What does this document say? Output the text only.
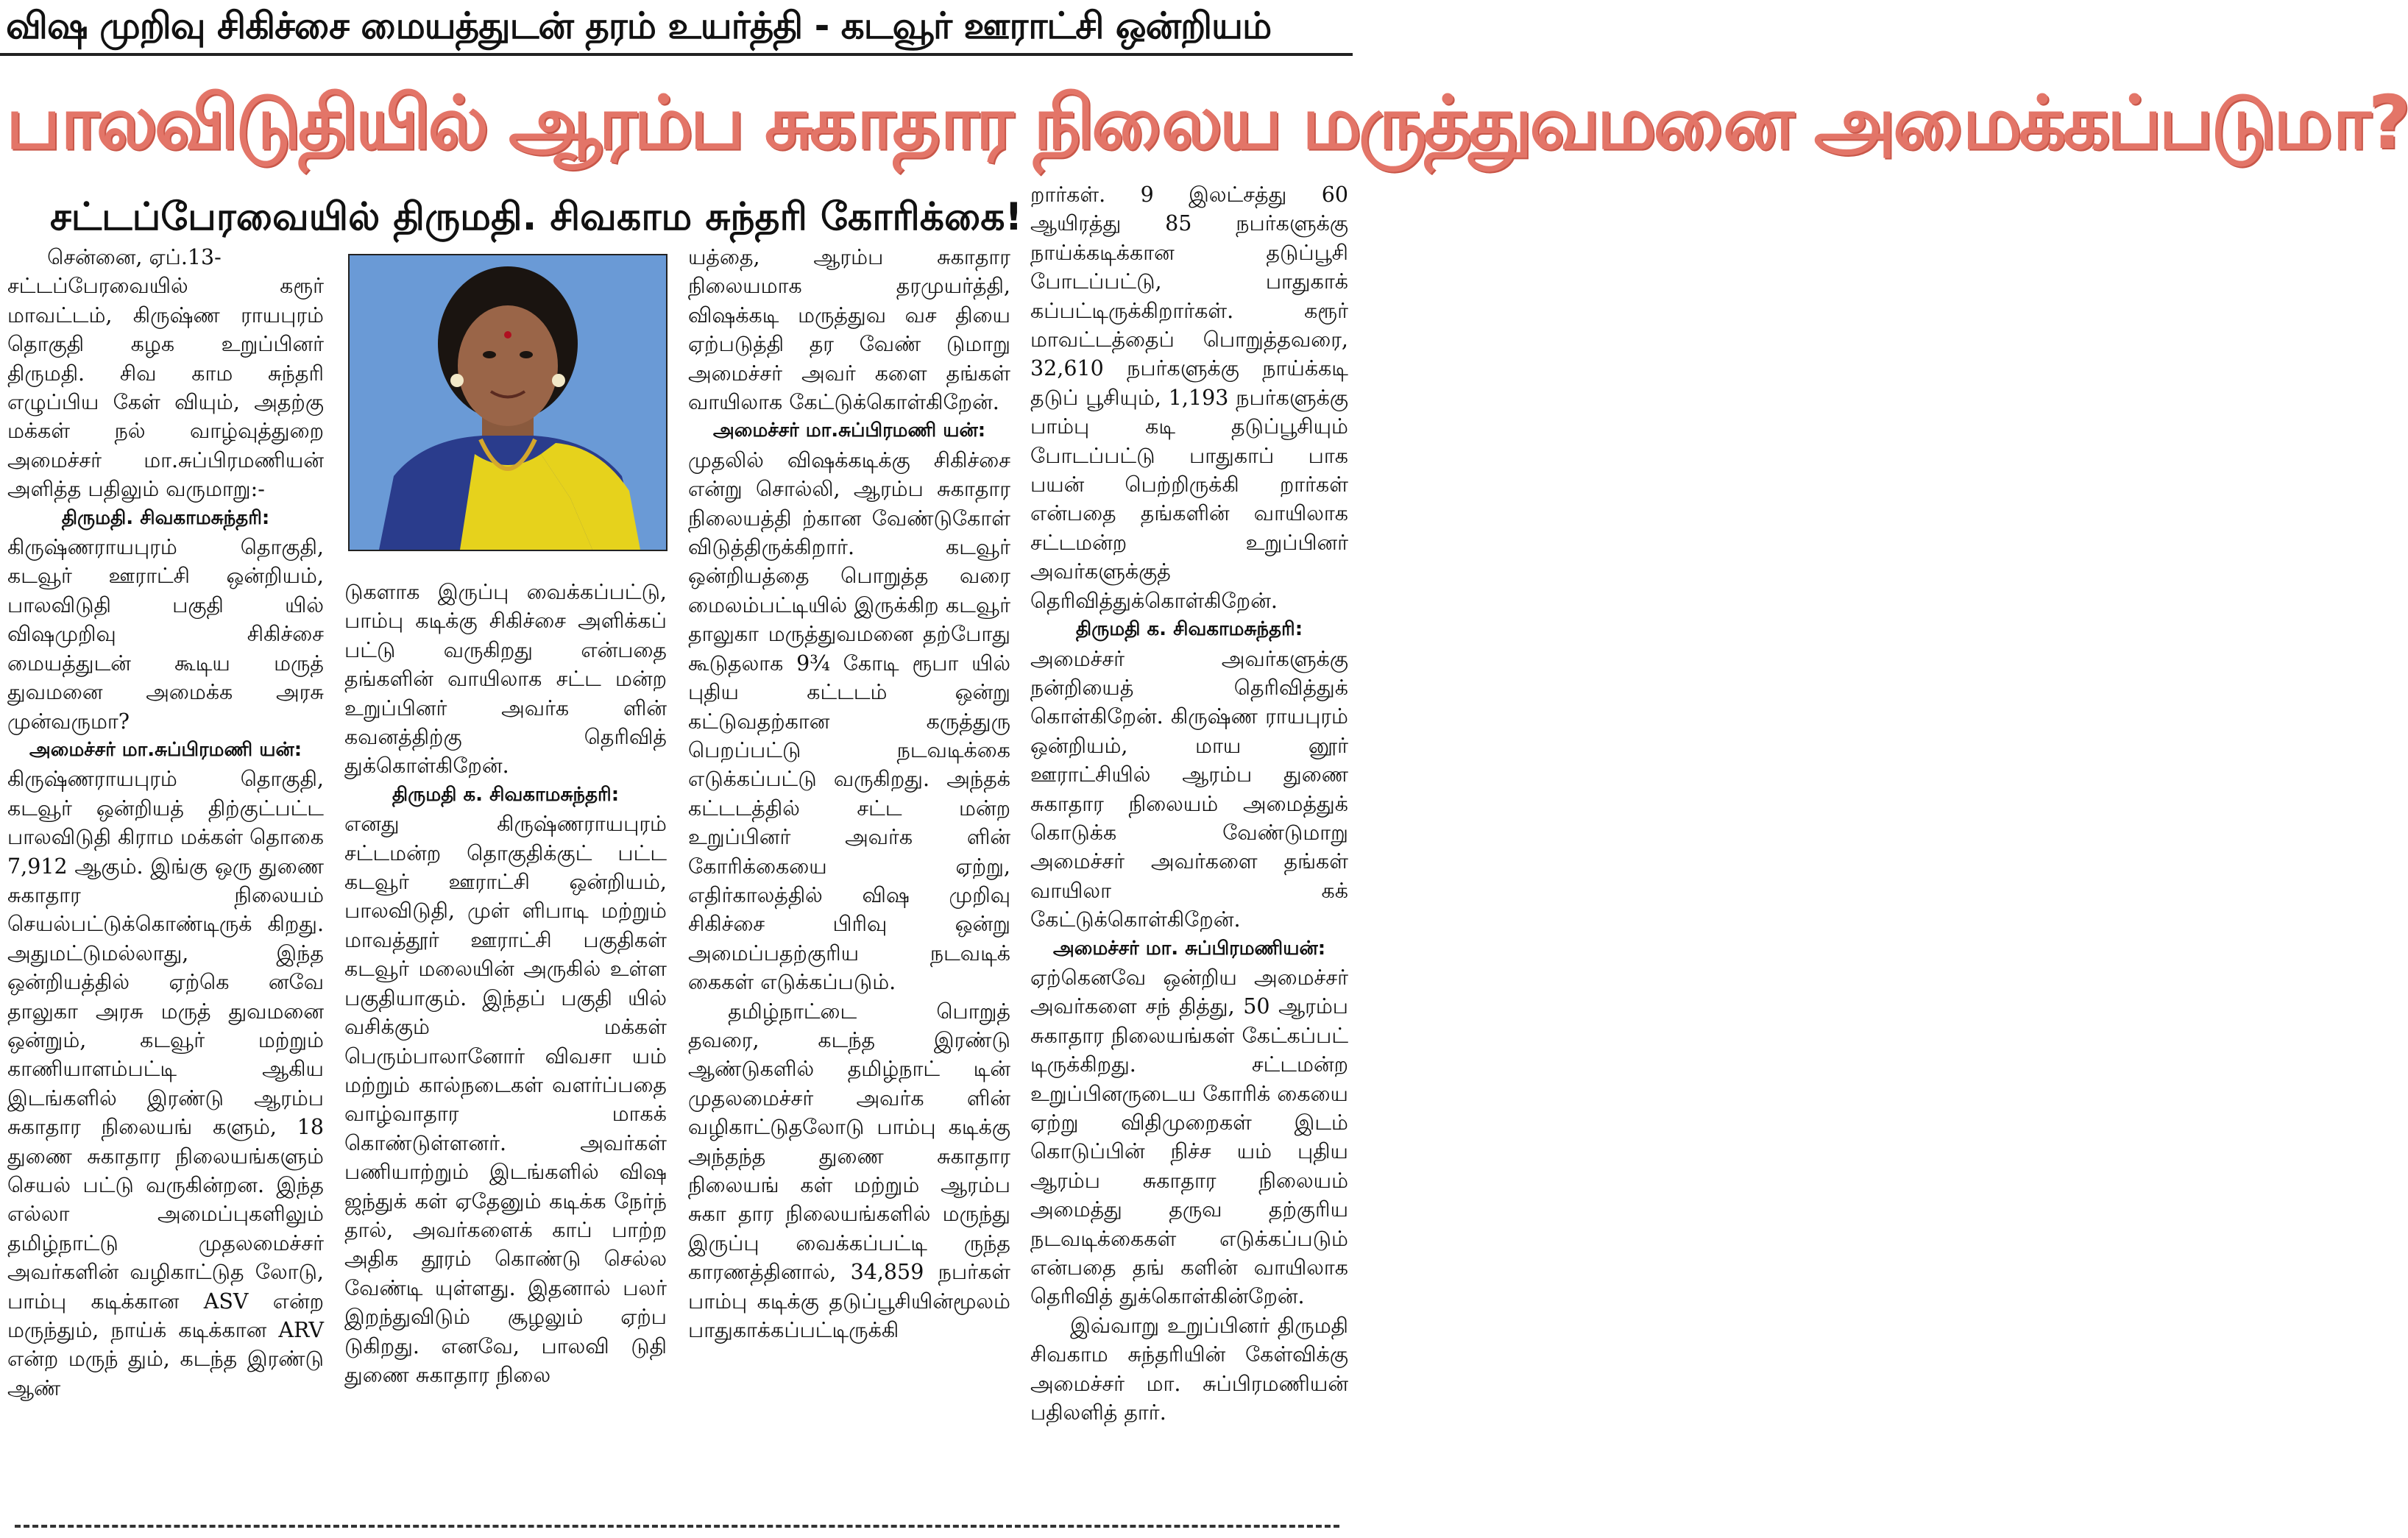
விஷ முறிவு சிகிச்சை மையத்துடன் தரம் உயர்த்தி - கடவூர் ஊராட்சி ஒன்றியம்
பாலவிடுதியில் ஆரம்ப சுகாதார நிலைய மருத்துவமனை அமைக்கப்படுமா?
சட்டப்பேரவையில் திருமதி. சிவகாம சுந்தரி கோரிக்கை!

சென்னை, ஏப்.13-

சட்டப்பேரவையில் கரூர் மாவட்டம், கிருஷ்ண ராயபுரம் தொகுதி கழக உறுப்பினர் திருமதி. சிவ காம சுந்தரி எழுப்பிய கேள் வியும், அதற்கு மக்கள் நல் வாழ்வுத்துறை அமைச்சர் மா.சுப்பிரமணியன் அளித்த பதிலும் வருமாறு:-

திருமதி. சிவகாமசுந்தரி:

கிருஷ்ணராயபுரம் தொகுதி, கடவூர் ஊராட்சி ஒன்றியம், பாலவிடுதி பகுதி யில் விஷமுறிவு சிகிச்சை மையத்துடன் கூடிய மருத் துவமனை அமைக்க அரசு முன்வருமா?

அமைச்சர் மா.சுப்பிரமணி யன்:

கிருஷ்ணராயபுரம் தொகுதி, கடவூர் ஒன்றியத் திற்குட்பட்ட பாலவிடுதி கிராம மக்கள் தொகை 7,912 ஆகும். இங்கு ஒரு துணை சுகாதார நிலையம் செயல்பட்டுக்கொண்டிருக் கிறது. அதுமட்டுமல்லாது, இந்த ஒன்றியத்தில் ஏற்கெ னவே தாலுகா அரசு மருத் துவமனை ஒன்றும், கடவூர் மற்றும் காணியாளம்பட்டி ஆகிய இடங்களில் இரண்டு ஆரம்ப சுகாதார நிலையங் களும், 18 துணை சுகாதார நிலையங்களும் செயல் பட்டு வருகின்றன. இந்த எல்லா அமைப்புகளிலும் தமிழ்நாட்டு முதலமைச்சர் அவர்களின் வழிகாட்டுத லோடு, பாம்பு கடிக்கான ASV என்ற மருந்தும், நாய்க் கடிக்கான ARV என்ற மருந் தும், கடந்த இரண்டு ஆண்

டுகளாக இருப்பு வைக்கப்பட்டு, பாம்பு கடிக்கு சிகிச்சை அளிக்கப் பட்டு வருகிறது என்பதை தங்களின் வாயிலாக சட்ட மன்ற உறுப்பினர் அவர்க ளின் கவனத்திற்கு தெரிவித் துக்கொள்கிறேன்.

திருமதி க. சிவகாமசுந்தரி:

எனது கிருஷ்ணராயபுரம் சட்டமன்ற தொகுதிக்குட் பட்ட கடவூர் ஊராட்சி ஒன்றியம், பாலவிடுதி, முள் ளிபாடி மற்றும் மாவத்தூர் ஊராட்சி பகுதிகள் கடவூர் மலையின் அருகில் உள்ள பகுதியாகும். இந்தப் பகுதி யில் வசிக்கும் மக்கள் பெரும்பாலானோர் விவசா யம் மற்றும் கால்நடைகள் வளர்ப்பதை வாழ்வாதார மாகக் கொண்டுள்ளனர். அவர்கள் பணியாற்றும் இடங்களில் விஷ ஜந்துக் கள் ஏதேனும் கடிக்க நேர்ந் தால், அவர்களைக் காப் பாற்ற அதிக தூரம் கொண்டு செல்ல வேண்டி யுள்ளது. இதனால் பலர் இறந்துவிடும் சூழலும் ஏற்ப டுகிறது. எனவே, பாலவி டுதி துணை சுகாதார நிலை

யத்தை, ஆரம்ப சுகாதார நிலையமாக தரமுயர்த்தி, விஷக்கடி மருத்துவ வச தியை ஏற்படுத்தி தர வேண் டுமாறு அமைச்சர் அவர் களை தங்கள் வாயிலாக கேட்டுக்கொள்கிறேன்.

அமைச்சர் மா.சுப்பிரமணி யன்:

முதலில் விஷக்கடிக்கு சிகிச்சை என்று சொல்லி, ஆரம்ப சுகாதார நிலையத்தி ற்கான வேண்டுகோள் விடுத்திருக்கிறார். கடவூர் ஒன்றியத்தை பொறுத்த வரை மைலம்பட்டியில் இருக்கிற கடவூர் தாலுகா மருத்துவமனை தற்போது கூடுதலாக 9¾ கோடி ரூபா யில் புதிய கட்டடம் ஒன்று கட்டுவதற்கான கருத்துரு பெறப்பட்டு நடவடிக்கை எடுக்கப்பட்டு வருகிறது. அந்தக் கட்டடத்தில் சட்ட மன்ற உறுப்பினர் அவர்க ளின் கோரிக்கையை ஏற்று, எதிர்காலத்தில் விஷ முறிவு சிகிச்சை பிரிவு ஒன்று அமைப்பதற்குரிய நடவடிக் கைகள் எடுக்கப்படும்.

தமிழ்நாட்டை பொறுத் தவரை, கடந்த இரண்டு ஆண்டுகளில் தமிழ்நாட் டின் முதலமைச்சர் அவர்க ளின் வழிகாட்டுதலோடு பாம்பு கடிக்கு அந்தந்த துணை சுகாதார நிலையங் கள் மற்றும் ஆரம்ப சுகா தார நிலையங்களில் மருந்து இருப்பு வைக்கப்பட்டி ருந்த காரணத்தினால், 34,859 நபர்கள் பாம்பு கடிக்கு தடுப்பூசியின்மூலம் பாதுகாக்கப்பட்டிருக்கி

றார்கள். 9 இலட்சத்து 60 ஆயிரத்து 85 நபர்களுக்கு நாய்க்கடிக்கான தடுப்பூசி போடப்பட்டு, பாதுகாக் கப்பட்டிருக்கிறார்கள். கரூர் மாவட்டத்தைப் பொறுத்தவரை, 32,610 நபர்களுக்கு நாய்க்கடி தடுப் பூசியும், 1,193 நபர்களுக்கு பாம்பு கடி தடுப்பூசியும் போடப்பட்டு பாதுகாப் பாக பயன் பெற்றிருக்கி றார்கள் என்பதை தங்களின் வாயிலாக சட்டமன்ற உறுப்பினர் அவர்களுக்குத் தெரிவித்துக்கொள்கிறேன்.

திருமதி க. சிவகாமசுந்தரி:

அமைச்சர் அவர்களுக்கு நன்றியைத் தெரிவித்துக் கொள்கிறேன். கிருஷ்ண ராயபுரம் ஒன்றியம், மாய னூர் ஊராட்சியில் ஆரம்ப துணை சுகாதார நிலையம் அமைத்துக் கொடுக்க வேண்டுமாறு அமைச்சர் அவர்களை தங்கள் வாயிலா கக் கேட்டுக்கொள்கிறேன்.

அமைச்சர் மா. சுப்பிரமணியன்:

ஏற்கெனவே ஒன்றிய அமைச்சர் அவர்களை சந் தித்து, 50 ஆரம்ப சுகாதார நிலையங்கள் கேட்கப்பட் டிருக்கிறது. சட்டமன்ற உறுப்பினருடைய கோரிக் கையை ஏற்று விதிமுறைகள் இடம் கொடுப்பின் நிச்ச யம் புதிய ஆரம்ப சுகாதார நிலையம் அமைத்து தருவ தற்குரிய நடவடிக்கைகள் எடுக்கப்படும் என்பதை தங் களின் வாயிலாக தெரிவித் துக்கொள்கின்றேன்.

இவ்வாறு உறுப்பினர் திருமதி சிவகாம சுந்தரியின் கேள்விக்கு அமைச்சர் மா. சுப்பிரமணியன் பதிலளித் தார்.
